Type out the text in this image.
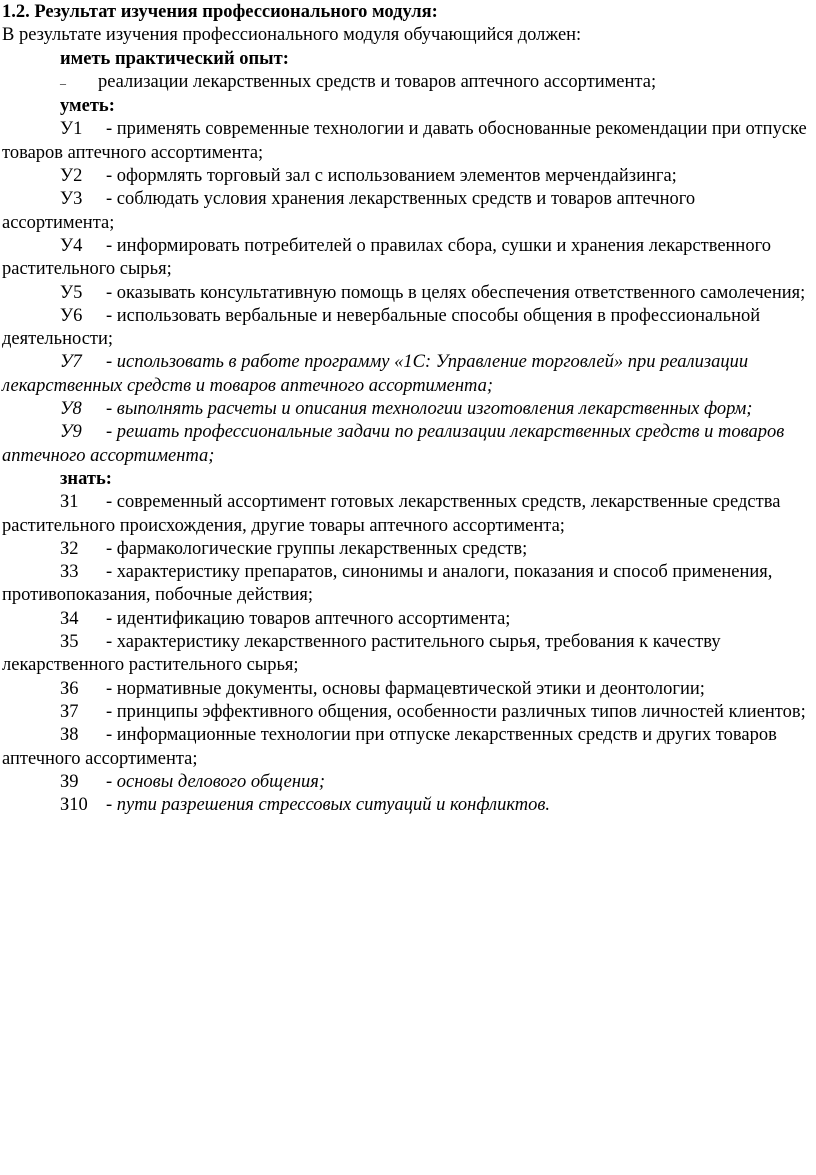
1.2. Результат изучения профессионального модуля:
В результате изучения профессионального модуля обучающийся должен:
иметь практический опыт:
– реализации лекарственных средств и товаров аптечного ассортимента;
уметь:
У1 - применять современные технологии и давать обоснованные рекомендации при отпуске товаров аптечного ассортимента;
У2 - оформлять торговый зал с использованием элементов мерчендайзинга;
У3 - соблюдать условия хранения лекарственных средств и товаров аптечного ассортимента;
У4 - информировать потребителей о правилах сбора, сушки и хранения лекарственного растительного сырья;
У5 - оказывать консультативную помощь в целях обеспечения ответственного самолечения;
У6 - использовать вербальные и невербальные способы общения в профессиональной деятельности;
У7 - использовать в работе программу «1С: Управление торговлей» при реализации лекарственных средств и товаров аптечного ассортимента;
У8 - выполнять расчеты и описания технологии изготовления лекарственных форм;
У9 - решать профессиональные задачи по реализации лекарственных средств и товаров аптечного ассортимента;
знать:
З1 - современный ассортимент готовых лекарственных средств, лекарственные средства растительного происхождения, другие товары аптечного ассортимента;
З2 - фармакологические группы лекарственных средств;
З3 - характеристику препаратов, синонимы и аналоги, показания и способ применения, противопоказания, побочные действия;
З4 - идентификацию товаров аптечного ассортимента;
З5 - характеристику лекарственного растительного сырья, требования к качеству лекарственного растительного сырья;
З6 - нормативные документы, основы фармацевтической этики и деонтологии;
З7 - принципы эффективного общения, особенности различных типов личностей клиентов;
З8 - информационные технологии при отпуске лекарственных средств и других товаров аптечного ассортимента;
З9 - основы делового общения;
З10 - пути разрешения стрессовых ситуаций и конфликтов.
